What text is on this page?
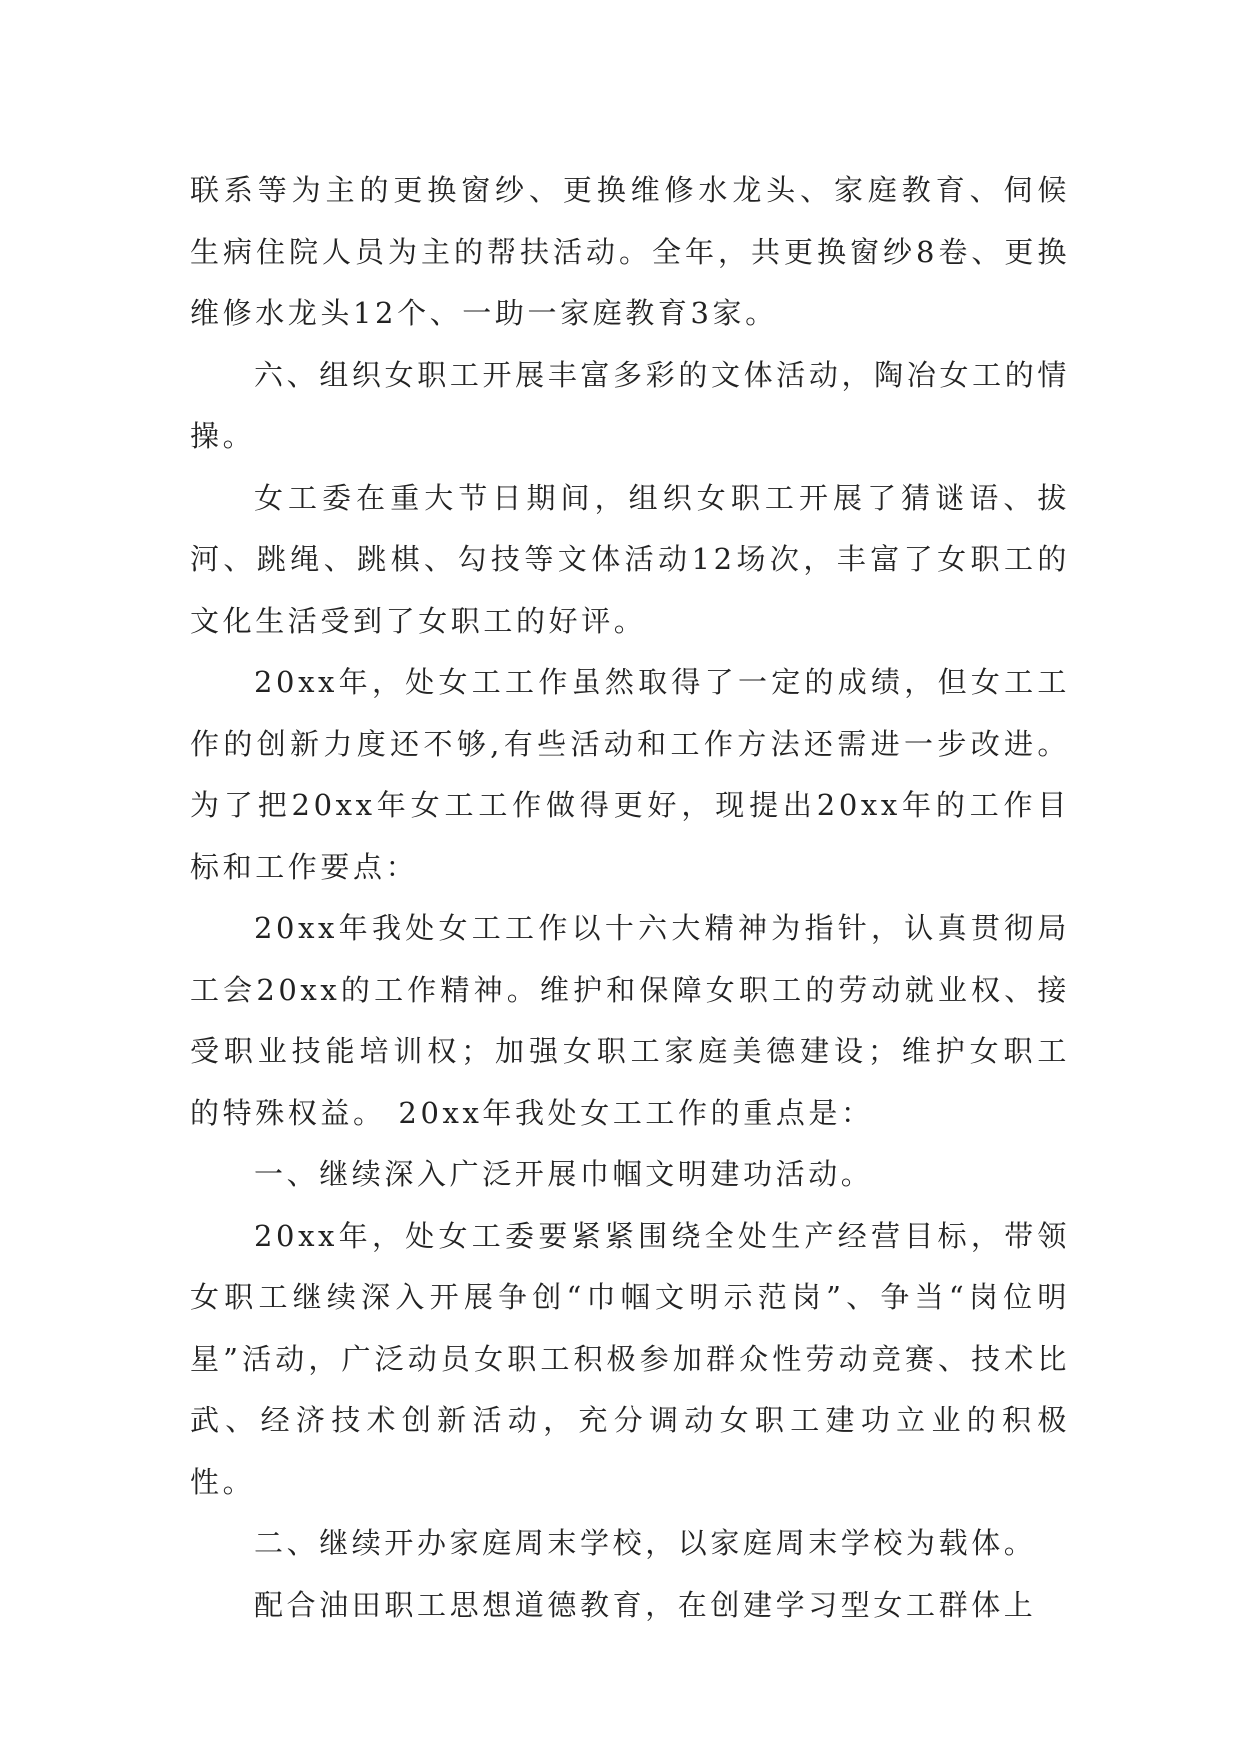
联系等为主的更换窗纱、更换维修水龙头、家庭教育、伺候生病住院人员为主的帮扶活动。全年，共更换窗纱8卷、更换维修水龙头12个、一助一家庭教育3家。

六、组织女职工开展丰富多彩的文体活动，陶冶女工的情操。

女工委在重大节日期间，组织女职工开展了猜谜语、拔河、跳绳、跳棋、勾技等文体活动12场次，丰富了女职工的文化生活受到了女职工的好评。

20xx年，处女工工作虽然取得了一定的成绩，但女工工作的创新力度还不够,有些活动和工作方法还需进一步改进。为了把20xx年女工工作做得更好，现提出20xx年的工作目标和工作要点：

20xx年我处女工工作以十六大精神为指针，认真贯彻局工会20xx的工作精神。维护和保障女职工的劳动就业权、接受职业技能培训权；加强女职工家庭美德建设；维护女职工的特殊权益。 20xx年我处女工工作的重点是：

一、继续深入广泛开展巾帼文明建功活动。

20xx年，处女工委要紧紧围绕全处生产经营目标，带领女职工继续深入开展争创“巾帼文明示范岗”、争当“岗位明星”活动，广泛动员女职工积极参加群众性劳动竞赛、技术比武、经济技术创新活动，充分调动女职工建功立业的积极性。

二、继续开办家庭周末学校，以家庭周末学校为载体。

配合油田职工思想道德教育，在创建学习型女工群体上
